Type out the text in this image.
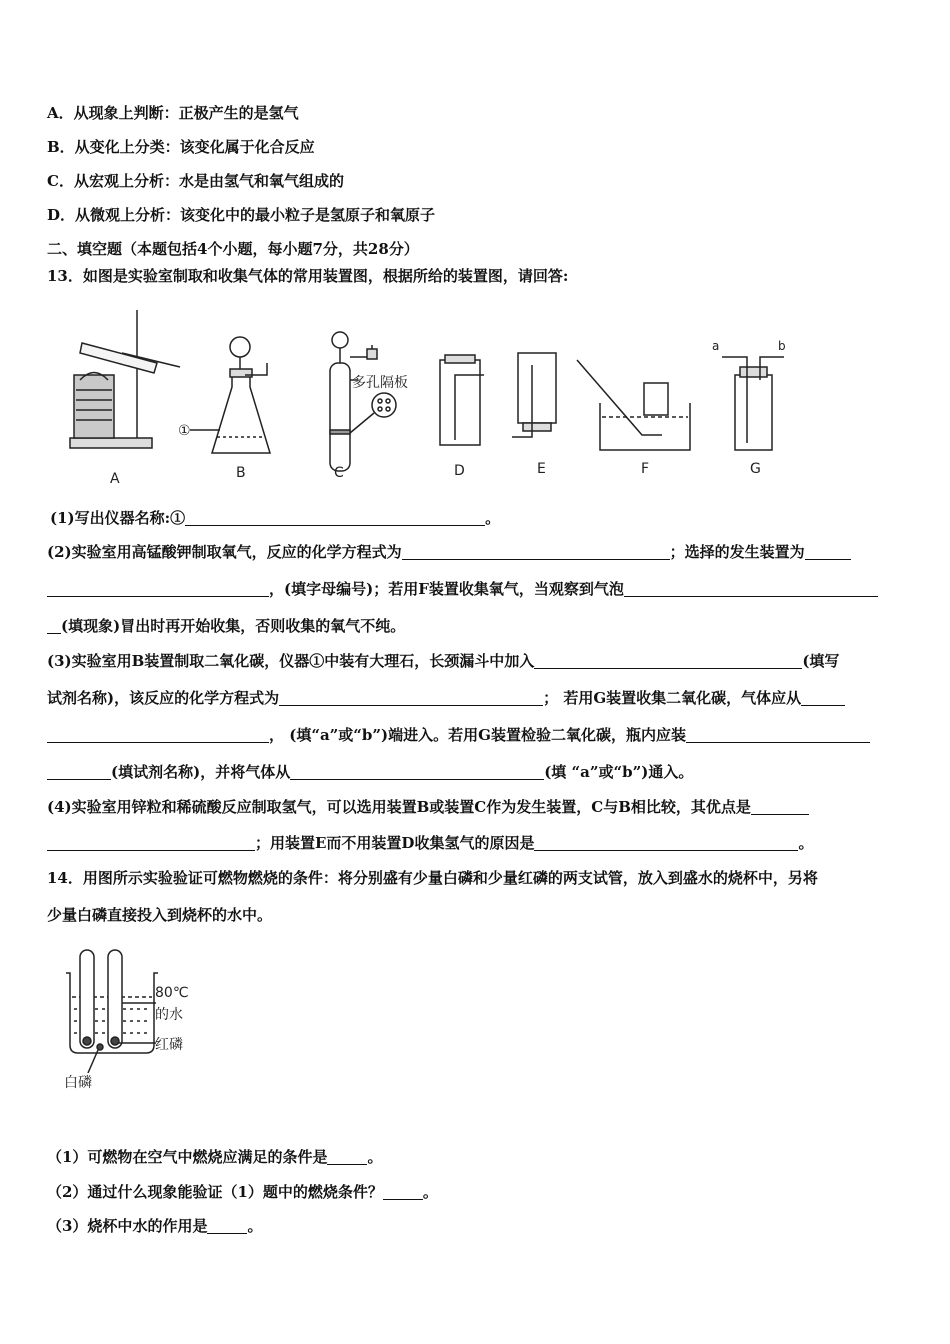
A．从现象上判断：正极产生的是氢气
B．从变化上分类：该变化属于化合反应
C．从宏观上分析：水是由氢气和氧气组成的
D．从微观上分析：该变化中的最小粒子是氢原子和氧原子
二、填空题（本题包括4个小题，每小题7分，共28分）
13．如图是实验室制取和收集气体的常用装置图，根据所给的装置图，请回答:
A	B	C	D	E	F	G
①
多孔隔板
a	b
(1)写出仪器名称:①	。
(2)实验室用高锰酸钾制取氧气，反应的化学方程式为	；选择的发生装置为
，(填字母编号)；若用F装置收集氧气，当观察到气泡
(填现象)冒出时再开始收集，否则收集的氧气不纯。
(3)实验室用B装置制取二氧化碳，仪器①中装有大理石，长颈漏斗中加入	(填写
试剂名称)，该反应的化学方程式为	； 若用G装置收集二氧化碳，气体应从
， (填“a”或“b”)端进入。若用G装置检验二氧化碳，瓶内应装
(填试剂名称)，并将气体从	(填 “a”或“b”)通入。
(4)实验室用锌粒和稀硫酸反应制取氢气，可以选用装置B或装置C作为发生装置，C与B相比较，其优点是
；用装置E而不用装置D收集氢气的原因是	。
14．用图所示实验验证可燃物燃烧的条件：将分别盛有少量白磷和少量红磷的两支试管，放入到盛水的烧杯中，另将
少量白磷直接投入到烧杯的水中。
80℃
的水
红磷
白磷
（1）可燃物在空气中燃烧应满足的条件是	。
（2）通过什么现象能验证（1）题中的燃烧条件？	。
（3）烧杯中水的作用是	。
